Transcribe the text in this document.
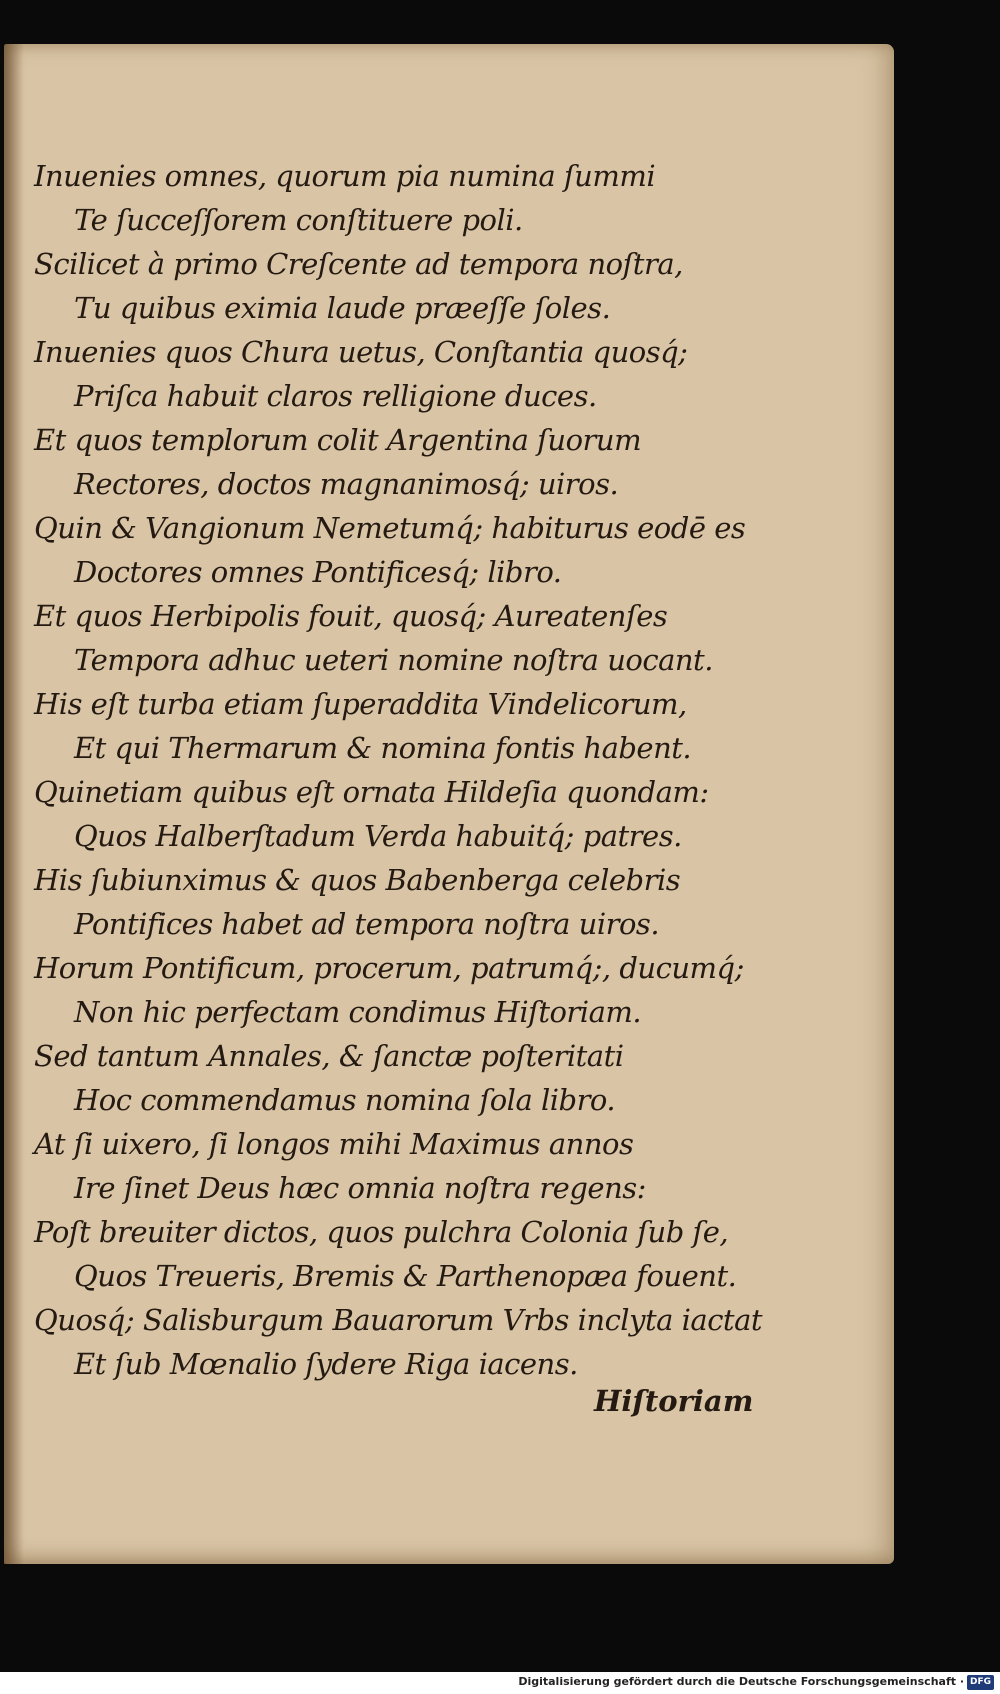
Inuenies omnes, quorum pia numina ſummi
Te ſucceſſorem conſtituere poli.
Scilicet à primo Creſcente ad tempora noſtra,
Tu quibus eximia laude præeſſe ſoles.
Inuenies quos Chura uetus, Conſtantia quosq́;
Priſca habuit claros relligione duces.
Et quos templorum colit Argentina ſuorum
Rectores, doctos magnanimosq́; uiros.
Quin & Vangionum Nemetumq́; habiturus eodē es
Doctores omnes Pontificesq́; libro.
Et quos Herbipolis fouit, quosq́; Aureatenſes
Tempora adhuc ueteri nomine noſtra uocant.
His eſt turba etiam ſuperaddita Vindelicorum,
Et qui Thermarum & nomina fontis habent.
Quinetiam quibus eſt ornata Hildeſia quondam:
Quos Halberſtadum Verda habuitq́; patres.
His ſubiunximus & quos Babenberga celebris
Pontifices habet ad tempora noſtra uiros.
Horum Pontificum, procerum, patrumq́;, ducumq́;
Non hic perfectam condimus Hiſtoriam.
Sed tantum Annales, & ſanctæ poſteritati
Hoc commendamus nomina ſola libro.
At ſi uixero, ſi longos mihi Maximus annos
Ire ſinet Deus hæc omnia noſtra regens:
Poſt breuiter dictos, quos pulchra Colonia ſub ſe,
Quos Treueris, Bremis & Parthenopæa fouent.
Quosq́; Salisburgum Bauarorum Vrbs inclyta iactat
Et ſub Mœnalio ſydere Riga iacens.
Hiſtoriam
Digitalisierung gefördert durch die Deutsche Forschungsgemeinschaft · DFG
